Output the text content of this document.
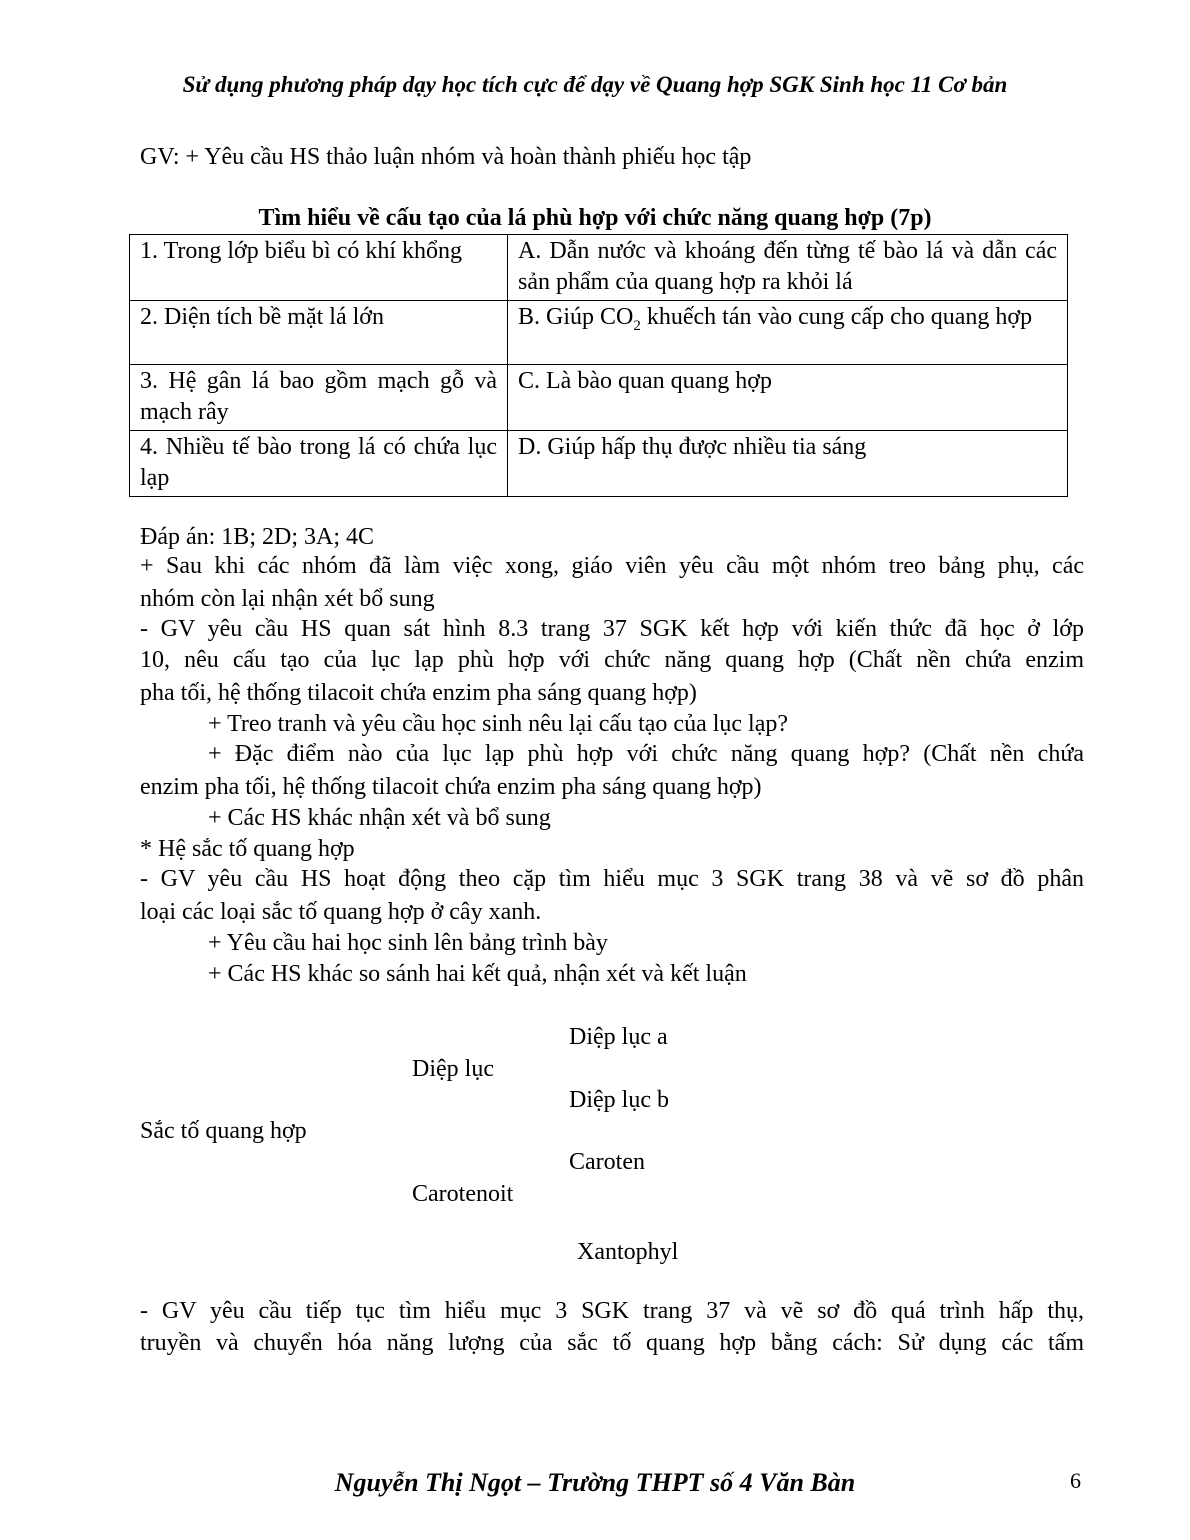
Sử dụng phương pháp dạy học tích cực để dạy về Quang hợp SGK Sinh học 11 Cơ bản
GV: + Yêu cầu HS thảo luận nhóm và hoàn thành phiếu học tập
Tìm hiểu về cấu tạo của lá phù hợp với chức năng quang hợp (7p)
1. Trong lớp biểu bì có khí khổng	A. Dẫn nước và khoáng đến từng tế bào lá và dẫn các sản phẩm của quang hợp ra khỏi lá
2. Diện tích bề mặt lá lớn	B. Giúp $CO_2$ khuếch tán vào cung cấp cho quang hợp
3. Hệ gân lá bao gồm mạch gỗ và mạch rây	C. Là bào quan quang hợp
4. Nhiều tế bào trong lá có chứa lục lạp	D. Giúp hấp thụ được nhiều tia sáng
Đáp án: 1B; 2D; 3A; 4C
+ Sau khi các nhóm đã làm việc xong, giáo viên yêu cầu một nhóm treo bảng phụ, các
nhóm còn lại nhận xét bổ sung
- GV yêu cầu HS quan sát hình 8.3 trang 37 SGK kết hợp với kiến thức đã học ở lớp
10, nêu cấu tạo của lục lạp phù hợp với chức năng quang hợp (Chất nền chứa enzim
pha tối, hệ thống tilacoit chứa enzim pha sáng quang hợp)
+ Treo tranh và yêu cầu học sinh nêu lại cấu tạo của lục lạp?
+ Đặc điểm nào của lục lạp phù hợp với chức năng quang hợp? (Chất nền chứa
enzim pha tối, hệ thống tilacoit chứa enzim pha sáng quang hợp)
+ Các HS khác nhận xét và bổ sung
* Hệ sắc tố quang hợp
- GV yêu cầu HS hoạt động theo cặp tìm hiểu mục 3 SGK trang 38 và vẽ sơ đồ phân
loại các loại sắc tố quang hợp ở cây xanh.
+ Yêu cầu hai học sinh lên bảng trình bày
+ Các HS khác so sánh hai kết quả, nhận xét và kết luận
Diệp lục a
Diệp lục
Diệp lục b
Sắc tố quang hợp
Caroten
Carotenoit
Xantophyl
- GV yêu cầu tiếp tục tìm hiểu mục 3 SGK trang 37 và vẽ sơ đồ quá trình hấp thụ,
truyền và chuyển hóa năng lượng của sắc tố quang hợp bằng cách: Sử dụng các tấm
Nguyễn Thị Ngọt – Trường THPT số 4 Văn Bàn	6
